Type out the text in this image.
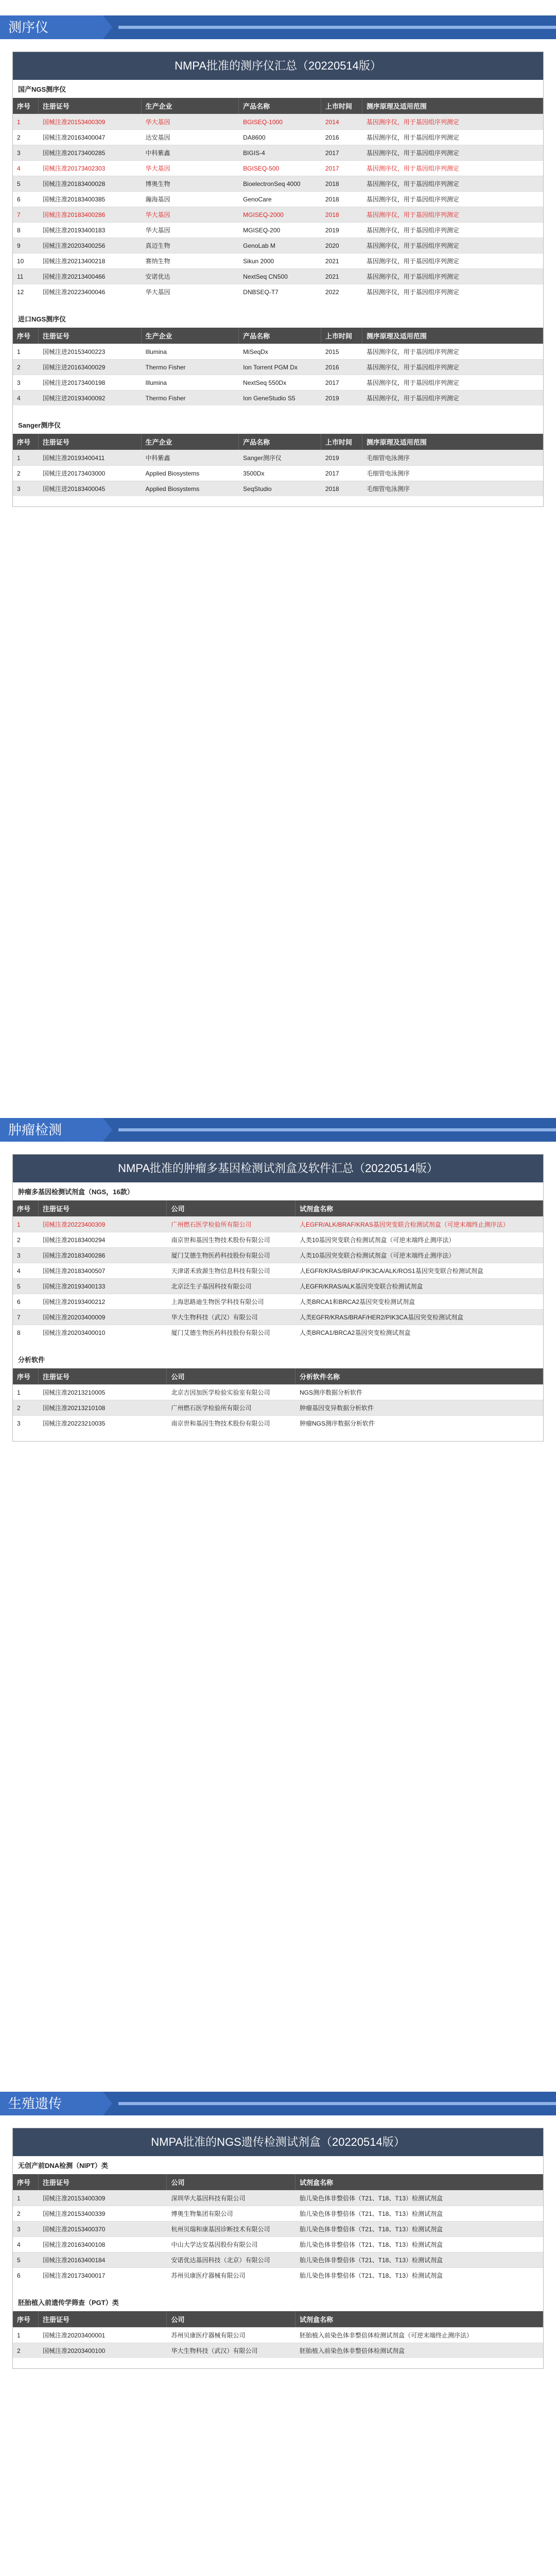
测序仪
NMPA批准的测序仪汇总（20220514版）
国产NGS测序仪
序号	注册证号	生产企业	产品名称	上市时间	测序原理及适用范围
1	国械注准20153400309	华大基因	BGISEQ-1000	2014	基因测序仪，用于基因组序列测定
2	国械注准20163400047	达安基因	DA8600	2016	基因测序仪，用于基因组序列测定
3	国械注准20173400285	中科紫鑫	BIGIS-4	2017	基因测序仪，用于基因组序列测定
4	国械注准20173402303	华大基因	BGISEQ-500	2017	基因测序仪，用于基因组序列测定
5	国械注准20183400028	博奥生物	BioelectronSeq 4000	2018	基因测序仪，用于基因组序列测定
6	国械注准20183400385	瀚海基因	GenoCare	2018	基因测序仪，用于基因组序列测定
7	国械注准20183400286	华大基因	MGISEQ-2000	2018	基因测序仪，用于基因组序列测定
8	国械注准20193400183	华大基因	MGISEQ-200	2019	基因测序仪，用于基因组序列测定
9	国械注准20203400256	真迈生物	GenoLab M	2020	基因测序仪，用于基因组序列测定
10	国械注准20213400218	赛纳生物	Sikun 2000	2021	基因测序仪，用于基因组序列测定
11	国械注准20213400466	安诺优达	NextSeq CN500	2021	基因测序仪，用于基因组序列测定
12	国械注准20223400046	华大基因	DNBSEQ-T7	2022	基因测序仪，用于基因组序列测定
进口NGS测序仪
序号	注册证号	生产企业	产品名称	上市时间	测序原理及适用范围
1	国械注进20153400223	Illumina	MiSeqDx	2015	基因测序仪，用于基因组序列测定
2	国械注进20163400029	Thermo Fisher	Ion Torrent PGM Dx	2016	基因测序仪，用于基因组序列测定
3	国械注进20173400198	Illumina	NextSeq 550Dx	2017	基因测序仪，用于基因组序列测定
4	国械注进20193400092	Thermo Fisher	Ion GeneStudio S5	2019	基因测序仪，用于基因组序列测定
Sanger测序仪
序号	注册证号	生产企业	产品名称	上市时间	测序原理及适用范围
1	国械注准20193400411	中科紫鑫	Sanger测序仪	2019	毛细管电泳测序
2	国械注进20173403000	Applied Biosystems	3500Dx	2017	毛细管电泳测序
3	国械注进20183400045	Applied Biosystems	SeqStudio	2018	毛细管电泳测序
肿瘤检测
NMPA批准的肿瘤多基因检测试剂盒及软件汇总（20220514版）
肿瘤多基因检测试剂盒（NGS，16款）
序号	注册证号	公司	试剂盒名称
1	国械注准20223400309	广州燃石医学检验所有限公司	人EGFR/ALK/BRAF/KRAS基因突变联合检测试剂盒（可逆末端终止测序法）
2	国械注准20183400294	南京世和基因生物技术股份有限公司	人类10基因突变联合检测试剂盒（可逆末端终止测序法）
3	国械注准20183400286	厦门艾德生物医药科技股份有限公司	人类10基因突变联合检测试剂盒（可逆末端终止测序法）
4	国械注准20183400507	天津诺禾致源生物信息科技有限公司	人EGFR/KRAS/BRAF/PIK3CA/ALK/ROS1基因突变联合检测试剂盒
5	国械注准20193400133	北京泛生子基因科技有限公司	人EGFR/KRAS/ALK基因突变联合检测试剂盒
6	国械注准20193400212	上海思路迪生物医学科技有限公司	人类BRCA1和BRCA2基因突变检测试剂盒
7	国械注准20203400009	华大生物科技（武汉）有限公司	人类EGFR/KRAS/BRAF/HER2/PIK3CA基因突变检测试剂盒
8	国械注准20203400010	厦门艾德生物医药科技股份有限公司	人类BRCA1/BRCA2基因突变检测试剂盒
分析软件
序号	注册证号	公司	分析软件名称
1	国械注准20213210005	北京吉因加医学检验实验室有限公司	NGS测序数据分析软件
2	国械注准20213210108	广州燃石医学检验所有限公司	肿瘤基因变异数据分析软件
3	国械注准20223210035	南京世和基因生物技术股份有限公司	肿瘤NGS测序数据分析软件
生殖遗传
NMPA批准的NGS遗传检测试剂盒（20220514版）
无创产前DNA检测（NIPT）类
序号	注册证号	公司	试剂盒名称
1	国械注准20153400309	深圳华大基因科技有限公司	胎儿染色体非整倍体（T21、T18、T13）检测试剂盒
2	国械注准20153400339	博奥生物集团有限公司	胎儿染色体非整倍体（T21、T18、T13）检测试剂盒
3	国械注准20153400370	杭州贝瑞和康基因诊断技术有限公司	胎儿染色体非整倍体（T21、T18、T13）检测试剂盒
4	国械注准20163400108	中山大学达安基因股份有限公司	胎儿染色体非整倍体（T21、T18、T13）检测试剂盒
5	国械注准20163400184	安诺优达基因科技（北京）有限公司	胎儿染色体非整倍体（T21、T18、T13）检测试剂盒
6	国械注准20173400017	苏州贝康医疗器械有限公司	胎儿染色体非整倍体（T21、T18、T13）检测试剂盒
胚胎植入前遗传学筛查（PGT）类
序号	注册证号	公司	试剂盒名称
1	国械注准20203400001	苏州贝康医疗器械有限公司	胚胎植入前染色体非整倍体检测试剂盒（可逆末端终止测序法）
2	国械注准20203400100	华大生物科技（武汉）有限公司	胚胎植入前染色体非整倍体检测试剂盒
